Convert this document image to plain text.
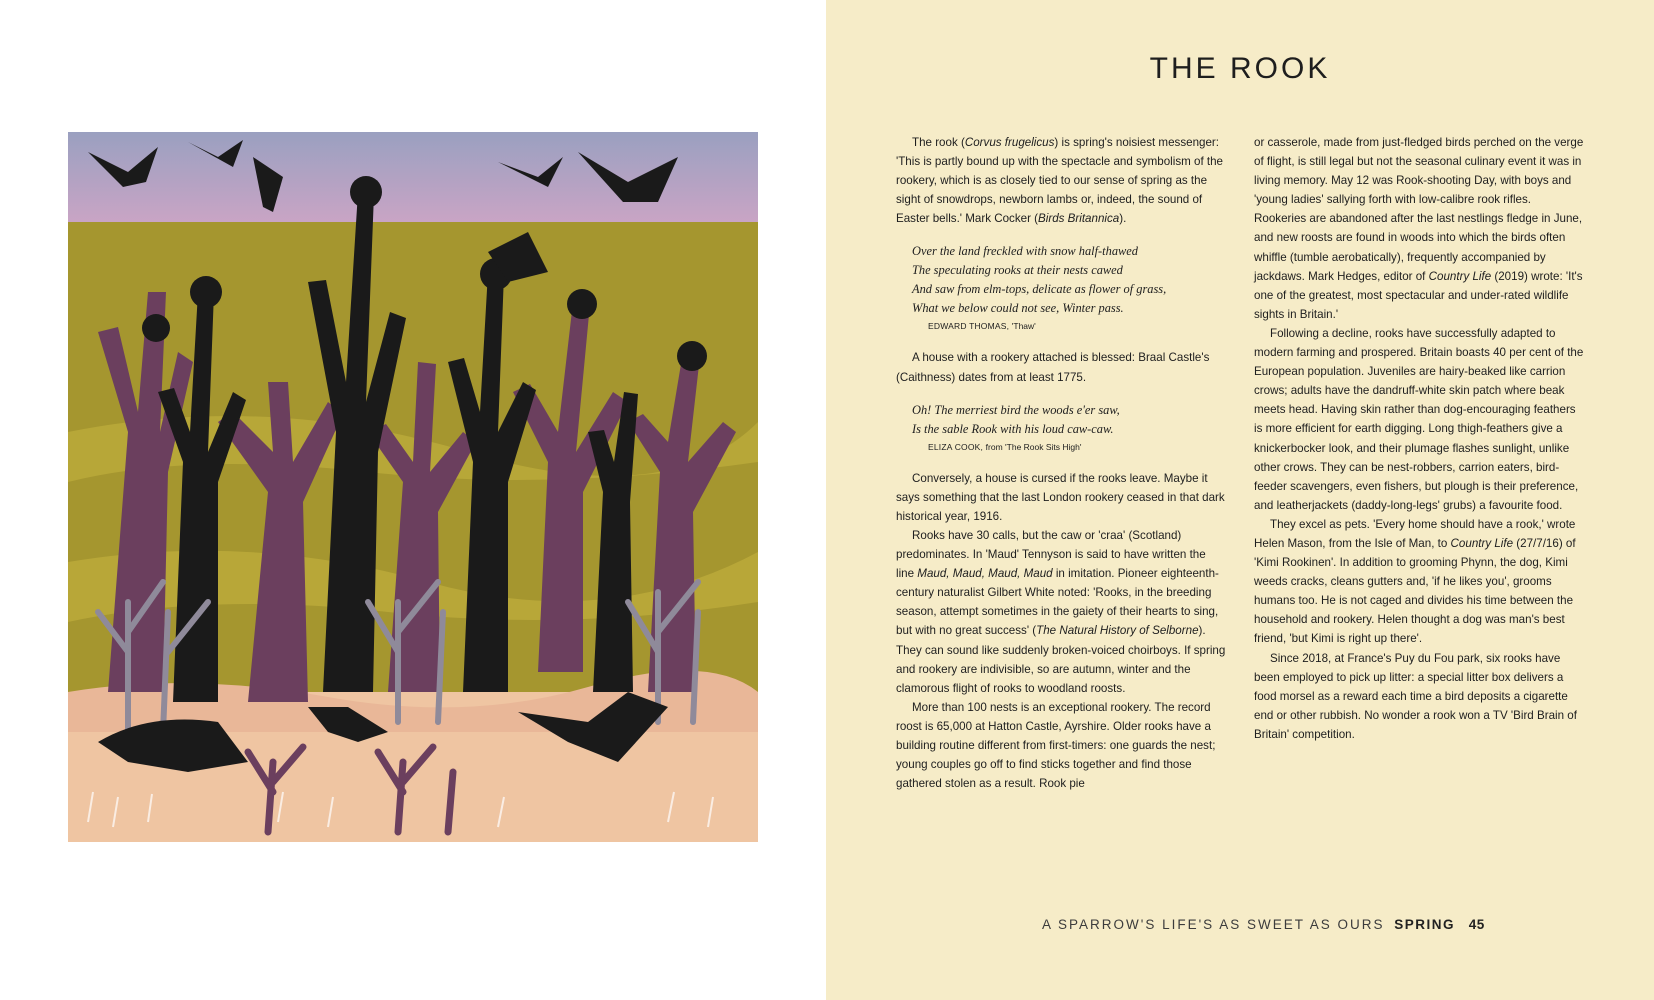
THE ROOK

The rook (Corvus frugelicus) is spring's noisiest messenger: 'This is partly bound up with the spectacle and symbolism of the rookery, which is as closely tied to our sense of spring as the sight of snowdrops, newborn lambs or, indeed, the sound of Easter bells.' Mark Cocker (Birds Britannica).

Over the land freckled with snow half-thawed
The speculating rooks at their nests cawed
And saw from elm-tops, delicate as flower of grass,
What we below could not see, Winter pass.
EDWARD THOMAS, 'Thaw'

A house with a rookery attached is blessed: Braal Castle's (Caithness) dates from at least 1775.

Oh! The merriest bird the woods e'er saw,
Is the sable Rook with his loud caw-caw.
ELIZA COOK, from 'The Rook Sits High'

Conversely, a house is cursed if the rooks leave. Maybe it says something that the last London rookery ceased in that dark historical year, 1916.

Rooks have 30 calls, but the caw or 'craa' (Scotland) predominates. In 'Maud' Tennyson is said to have written the line Maud, Maud, Maud, Maud in imitation. Pioneer eighteenth-century naturalist Gilbert White noted: 'Rooks, in the breeding season, attempt sometimes in the gaiety of their hearts to sing, but with no great success' (The Natural History of Selborne). They can sound like suddenly broken-voiced choirboys. If spring and rookery are indivisible, so are autumn, winter and the clamorous flight of rooks to woodland roosts.

More than 100 nests is an exceptional rookery. The record roost is 65,000 at Hatton Castle, Ayrshire. Older rooks have a building routine different from first-timers: one guards the nest; young couples go off to find sticks together and find those gathered stolen as a result. Rook pie

or casserole, made from just-fledged birds perched on the verge of flight, is still legal but not the seasonal culinary event it was in living memory. May 12 was Rook-shooting Day, with boys and 'young ladies' sallying forth with low-calibre rook rifles. Rookeries are abandoned after the last nestlings fledge in June, and new roosts are found in woods into which the birds often whiffle (tumble aerobatically), frequently accompanied by jackdaws. Mark Hedges, editor of Country Life (2019) wrote: 'It's one of the greatest, most spectacular and under-rated wildlife sights in Britain.'

Following a decline, rooks have successfully adapted to modern farming and prospered. Britain boasts 40 per cent of the European population. Juveniles are hairy-beaked like carrion crows; adults have the dandruff-white skin patch where beak meets head. Having skin rather than dog-encouraging feathers is more efficient for earth digging. Long thigh-feathers give a knickerbocker look, and their plumage flashes sunlight, unlike other crows. They can be nest-robbers, carrion eaters, bird-feeder scavengers, even fishers, but plough is their preference, and leatherjackets (daddy-long-legs' grubs) a favourite food.

They excel as pets. 'Every home should have a rook,' wrote Helen Mason, from the Isle of Man, to Country Life (27/7/16) of 'Kimi Rookinen'. In addition to grooming Phynn, the dog, Kimi weeds cracks, cleans gutters and, 'if he likes you', grooms humans too. He is not caged and divides his time between the household and rookery. Helen thought a dog was man's best friend, 'but Kimi is right up there'.

Since 2018, at France's Puy du Fou park, six rooks have been employed to pick up litter: a special litter box delivers a food morsel as a reward each time a bird deposits a cigarette end or other rubbish. No wonder a rook won a TV 'Bird Brain of Britain' competition.

A SPARROW'S LIFE'S AS SWEET AS OURS SPRING 45
